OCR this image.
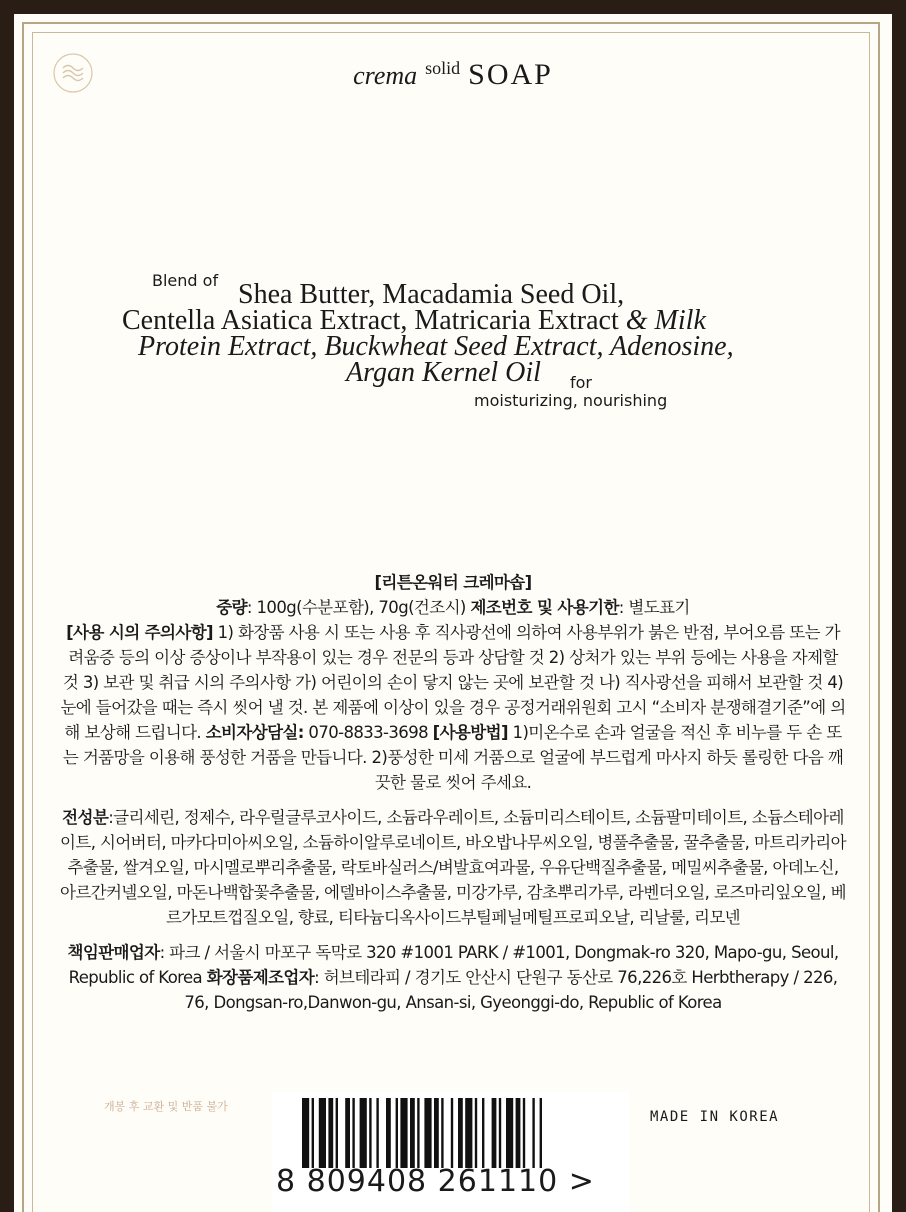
crema solid SOAP
Blend of Shea Butter, Macadamia Seed Oil,
Centella Asiatica Extract, Matricaria Extract & Milk
Protein Extract, Buckwheat Seed Extract, Adenosine,
Argan Kernel Oil for
moisturizing, nourishing

[리튼온워터 크레마솝]

중량: 100g(수분포함), 70g(건조시) 제조번호 및 사용기한: 별도표기

[사용 시의 주의사항] 1) 화장품 사용 시 또는 사용 후 직사광선에 의하여 사용부위가 붉은 반점, 부어오름 또는 가려움증 등의 이상 증상이나 부작용이 있는 경우 전문의 등과 상담할 것 2) 상처가 있는 부위 등에는 사용을 자제할 것 3) 보관 및 취급 시의 주의사항 가) 어린이의 손이 닿지 않는 곳에 보관할 것 나) 직사광선을 피해서 보관할 것 4) 눈에 들어갔을 때는 즉시 씻어 낼 것. 본 제품에 이상이 있을 경우 공정거래위원회 고시 “소비자 분쟁해결기준”에 의해 보상해 드립니다. 소비자상담실: 070-8833-3698 [사용방법] 1)미온수로 손과 얼굴을 적신 후 비누를 두 손 또는 거품망을 이용해 풍성한 거품을 만듭니다. 2)풍성한 미세 거품으로 얼굴에 부드럽게 마사지 하듯 롤링한 다음 깨끗한 물로 씻어 주세요.

전성분:글리세린, 정제수, 라우릴글루코사이드, 소듐라우레이트, 소듐미리스테이트, 소듐팔미테이트, 소듐스테아레이트, 시어버터, 마카다미아씨오일, 소듐하이알루로네이트, 바오밥나무씨오일, 병풀추출물, 꿀추출물, 마트리카리아추출물, 쌀겨오일, 마시멜로뿌리추출물, 락토바실러스/벼발효여과물, 우유단백질추출물, 메밀씨추출물, 아데노신, 아르간커넬오일, 마돈나백합꽃추출물, 에델바이스추출물, 미강가루, 감초뿌리가루, 라벤더오일, 로즈마리잎오일, 베르가모트껍질오일, 향료, 티타늄디옥사이드부틸페닐메틸프로피오날, 리날룰, 리모넨

책임판매업자: 파크 / 서울시 마포구 독막로 320 #1001 PARK / #1001, Dongmak-ro 320, Mapo-gu, Seoul, Republic of Korea 화장품제조업자: 허브테라피 / 경기도 안산시 단원구 동산로 76,226호 Herbtherapy / 226, 76, Dongsan-ro,Danwon-gu, Ansan-si, Gyeonggi-do, Republic of Korea

개봉 후 교환 및 반품 불가
8 809408 261110 >
MADE IN KOREA
